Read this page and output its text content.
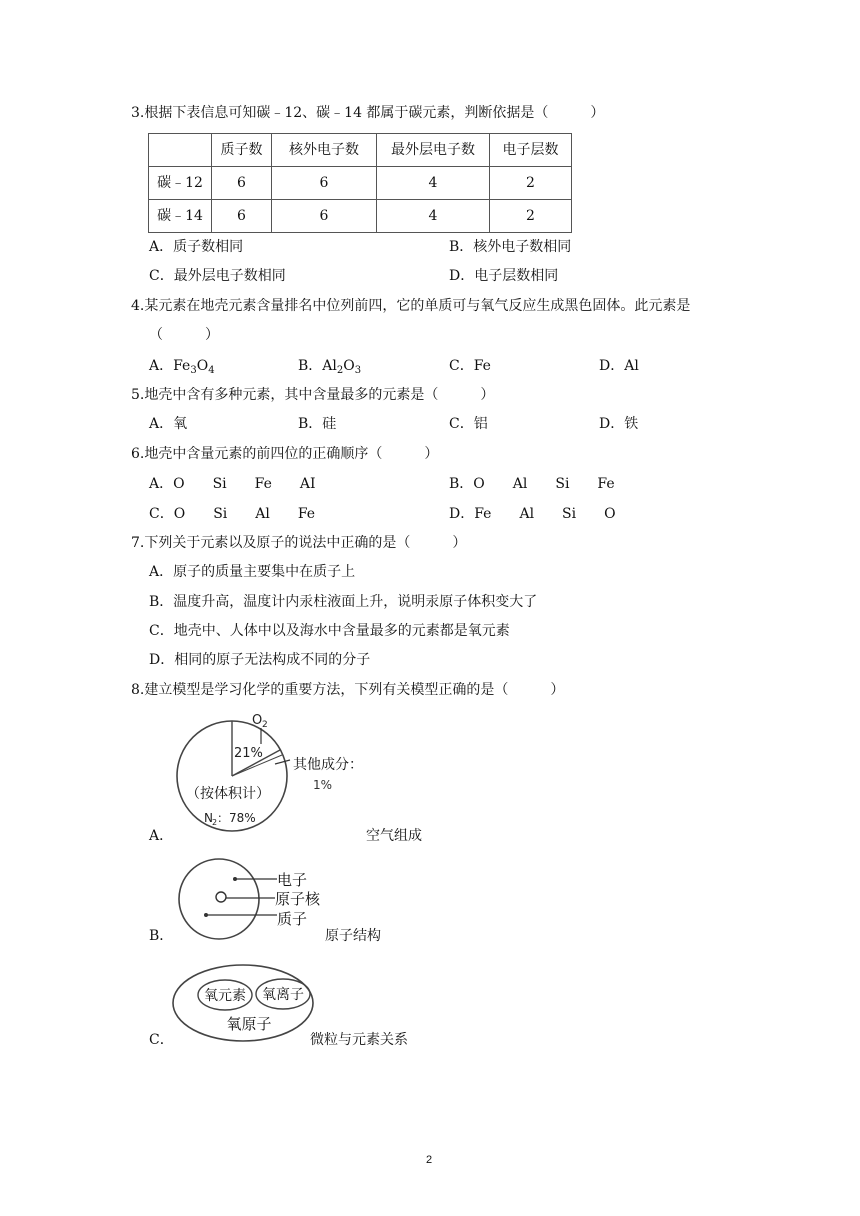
3.根据下表信息可知碳﹣12、碳﹣14 都属于碳元素，判断依据是（　　　）
	质子数	核外电子数	最外层电子数	电子层数
碳﹣12	6	6	4	2
碳﹣14	6	6	4	2
A．质子数相同	B．核外电子数相同
C．最外层电子数相同	D．电子层数相同
4.某元素在地壳元素含量排名中位列前四，它的单质可与氧气反应生成黑色固体。此元素是
（　　　）
A．$Fe_3O_4$	B．$Al_2O_3$	C．Fe	D．Al
5.地壳中含有多种元素，其中含量最多的元素是（　　　）
A．氧	B．硅	C．铝	D．铁
6.地壳中含量元素的前四位的正确顺序（　　　）
A．O　　Si　　Fe　　AI	B．O　　Al　　Si　　Fe
C．O　　Si　　Al　　Fe	D．Fe　　Al　　Si　　O
7.下列关于元素以及原子的说法中正确的是（　　　）
A．原子的质量主要集中在质子上
B．温度升高，温度计内汞柱液面上升，说明汞原子体积变大了
C．地壳中、人体中以及海水中含量最多的元素都是氧元素
D．相同的原子无法构成不同的分子
8.建立模型是学习化学的重要方法，下列有关模型正确的是（　　　）
A．
O 2
21%
其他成分：
1%
（按体积计）
N 2 ：78%
空气组成
B．
电子
原子核
质子
原子结构
C．
氧元素 氧离子
氧原子
微粒与元素关系
2
